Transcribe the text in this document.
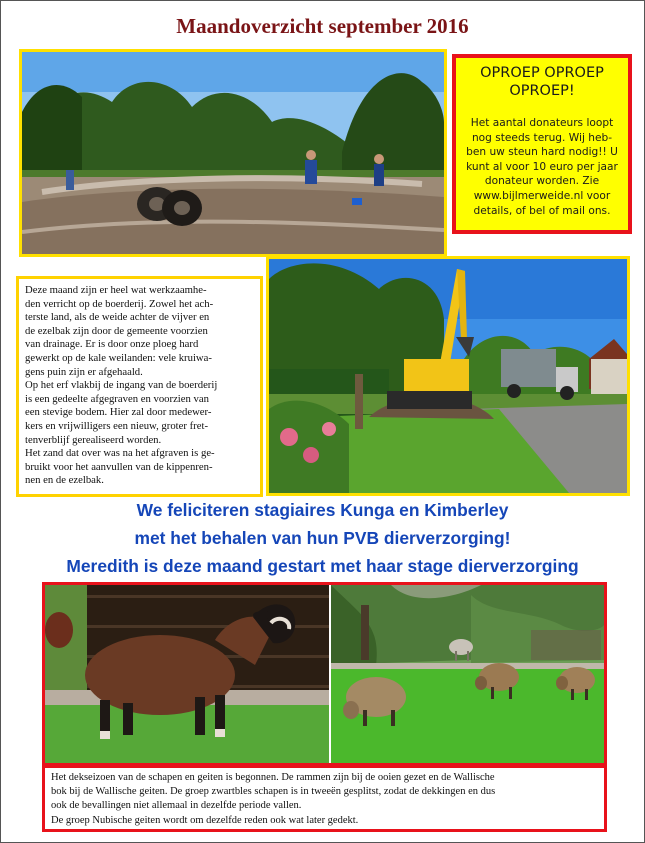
Maandoverzicht september 2016
OPROEP OPROEP
OPROEP!
Het aantal donateurs loopt nog steeds terug. Wij heb-ben uw steun hard nodig!! U kunt al voor 10 euro per jaar donateur worden. Zie www.bijlmerweide.nl voor details, of bel of mail ons.

Deze maand zijn er heel wat werkzaamhe-
den verricht op de boerderij. Zowel het ach-
terste land, als de weide achter de vijver en
de ezelbak zijn door de gemeente voorzien
van drainage. Er is door onze ploeg hard
gewerkt op de kale weilanden: vele kruiwa-
gens puin zijn er afgehaald.
Op het erf vlakbij de ingang van de boerderij
is een gedeelte afgegraven en voorzien van
een stevige bodem. Hier zal door medewer-
kers en vrijwilligers een nieuw, groter fret-
tenverblijf gerealiseerd worden.
Het zand dat over was na het afgraven is ge-
bruikt voor het aanvullen van de kippenren-
nen en de ezelbak.

We feliciteren stagiaires Kunga en Kimberley
met het behalen van hun PVB dierverzorging!
Meredith is deze maand gestart met haar stage dierverzorging

Het dekseizoen van de schapen en geiten is begonnen. De rammen zijn bij de ooien gezet en de Wallische
bok bij de Wallische geiten. De groep zwartbles schapen is in tweeën gesplitst, zodat de dekkingen en dus
ook de bevallingen niet allemaal in dezelfde periode vallen.
De groep Nubische geiten wordt om dezelfde reden ook wat later gedekt.
